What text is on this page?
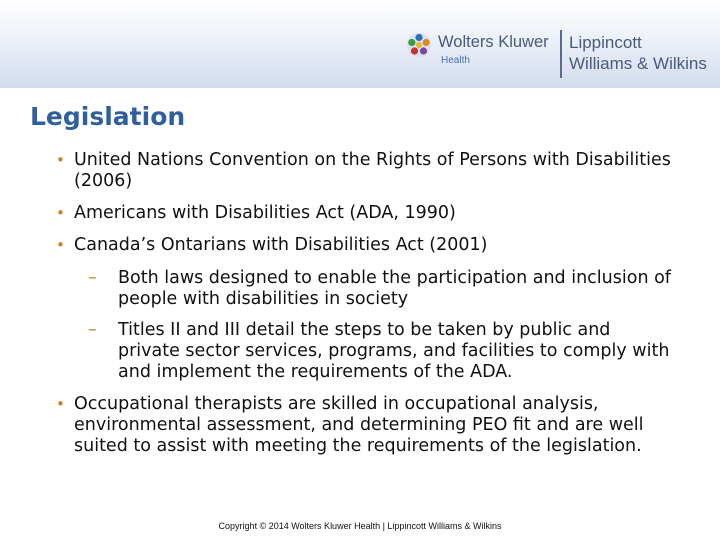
Wolters Kluwer
Health
Lippincott
Williams & Wilkins
Legislation
• United Nations Convention on the Rights of Persons with Disabilities (2006)
• Americans with Disabilities Act (ADA, 1990)
• Canada’s Ontarians with Disabilities Act (2001)
– Both laws designed to enable the participation and inclusion of people with disabilities in society
– Titles II and III detail the steps to be taken by public and private sector services, programs, and facilities to comply with and implement the requirements of the ADA.
• Occupational therapists are skilled in occupational analysis, environmental assessment, and determining PEO fit and are well suited to assist with meeting the requirements of the legislation.
Copyright © 2014 Wolters Kluwer Health | Lippincott Williams & Wilkins
